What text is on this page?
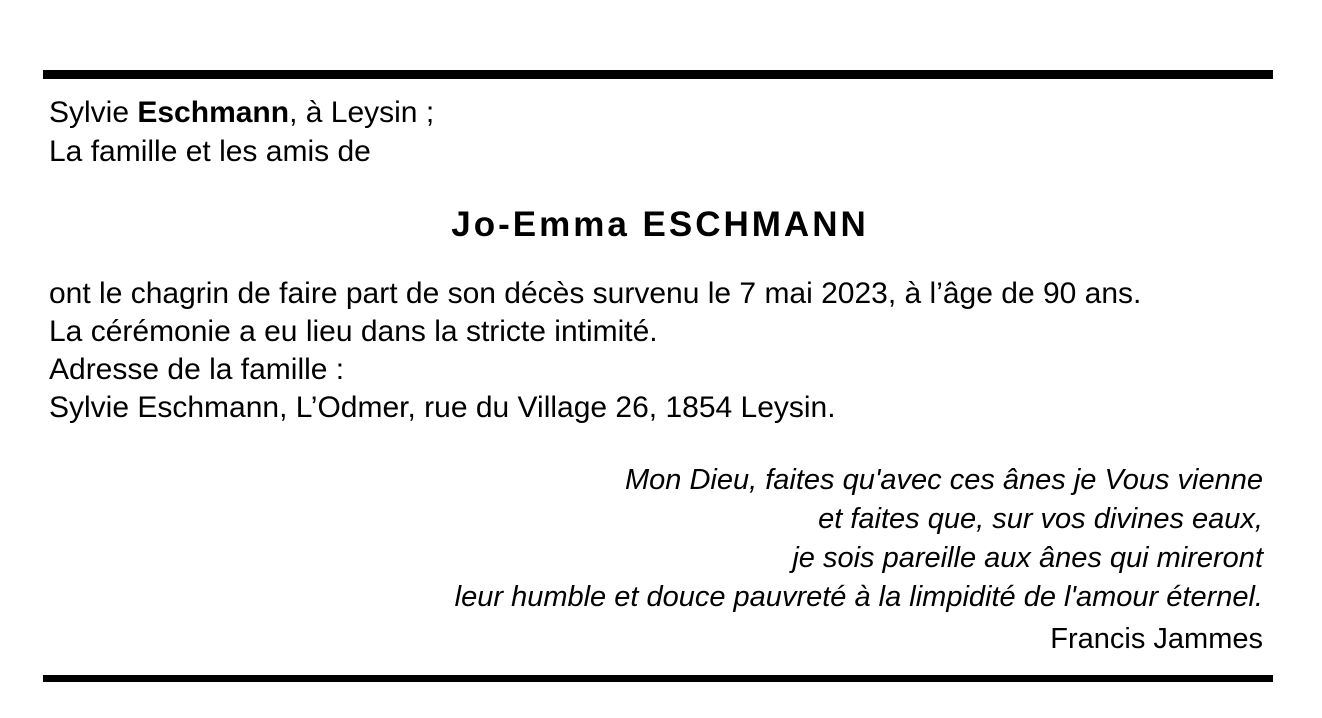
Sylvie Eschmann, à Leysin ;
La famille et les amis de
Jo-Emma ESCHMANN
ont le chagrin de faire part de son décès survenu le 7 mai 2023, à l’âge de 90 ans.
La cérémonie a eu lieu dans la stricte intimité.
Adresse de la famille :
Sylvie Eschmann, L’Odmer, rue du Village 26, 1854 Leysin.
Mon Dieu, faites qu'avec ces ânes je Vous vienne
et faites que, sur vos divines eaux,
je sois pareille aux ânes qui mireront
leur humble et douce pauvreté à la limpidité de l'amour éternel.
Francis Jammes
